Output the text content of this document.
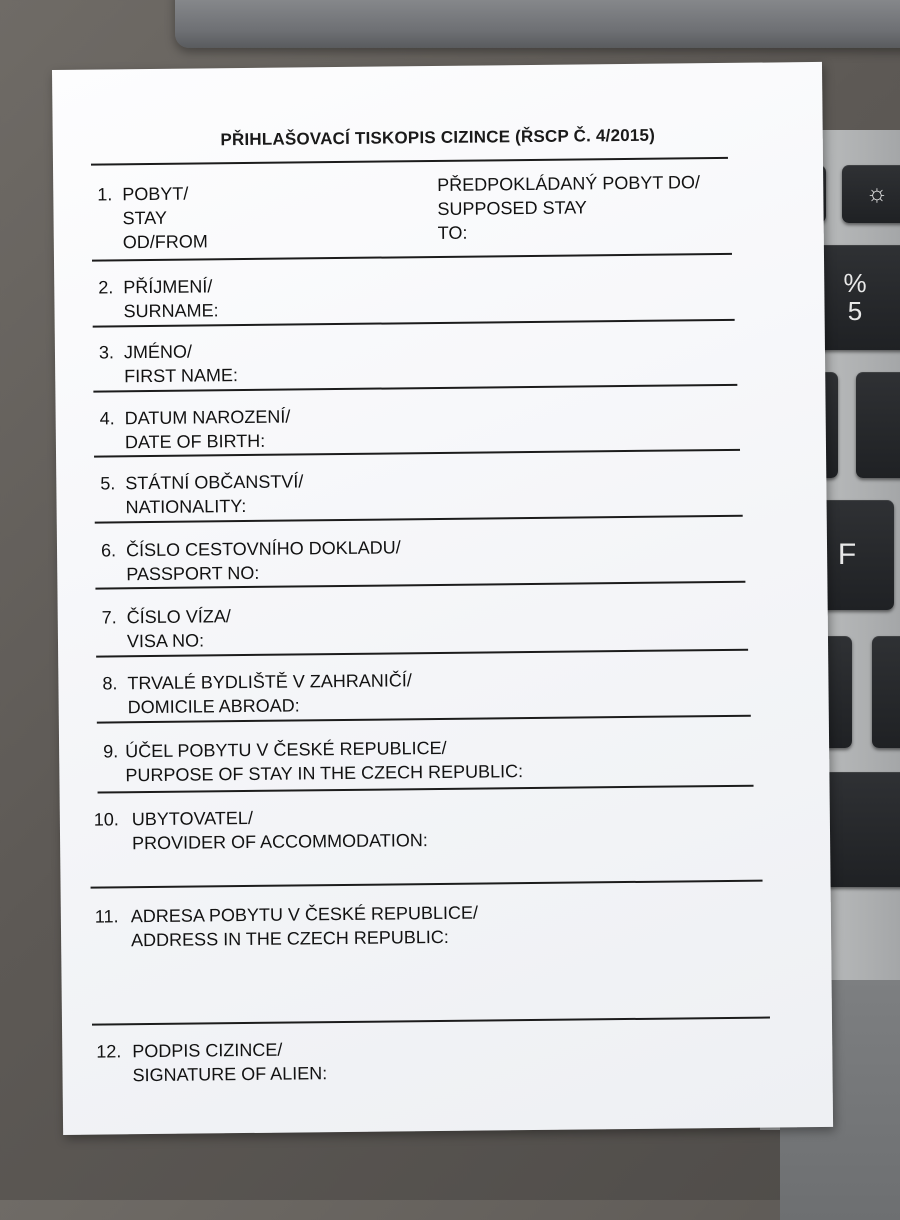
☼
%
5
F
PŘIHLAŠOVACÍ TISKOPIS CIZINCE (ŘSCP Č. 4/2015)
1. POBYT/
STAY
OD/FROM
PŘEDPOKLÁDANÝ POBYT DO/
SUPPOSED STAY
TO:
2. PŘÍJMENÍ/
SURNAME:
3. JMÉNO/
FIRST NAME:
4. DATUM NAROZENÍ/
DATE OF BIRTH:
5. STÁTNÍ OBČANSTVÍ/
NATIONALITY:
6. ČÍSLO CESTOVNÍHO DOKLADU/
PASSPORT NO:
7. ČÍSLO VÍZA/
VISA NO:
8. TRVALÉ BYDLIŠTĚ V ZAHRANIČÍ/
DOMICILE ABROAD:
9. ÚČEL POBYTU V ČESKÉ REPUBLICE/
PURPOSE OF STAY IN THE CZECH REPUBLIC:
10. UBYTOVATEL/
PROVIDER OF ACCOMMODATION:
11. ADRESA POBYTU V ČESKÉ REPUBLICE/
ADDRESS IN THE CZECH REPUBLIC:
12. PODPIS CIZINCE/
SIGNATURE OF ALIEN:
